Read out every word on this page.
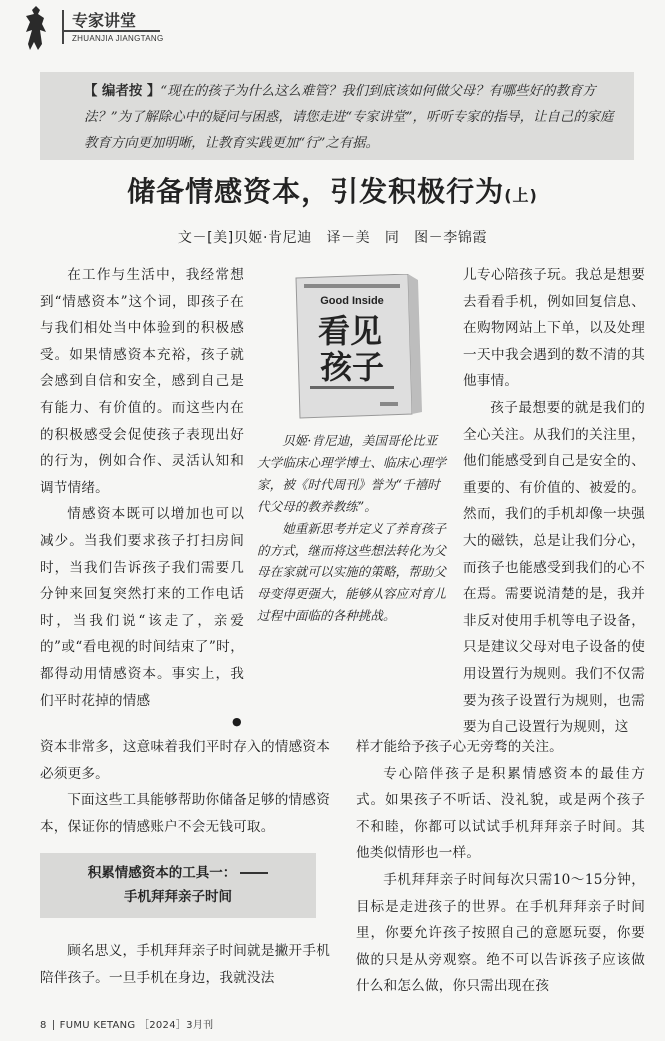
专家讲堂
ZHUANJIA JIANGTANG
【 编者按 】“现在的孩子为什么这么难管？我们到底该如何做父母？有哪些好的教育方法？”为了解除心中的疑问与困惑，请您走进“专家讲堂”，听听专家的指导，让自己的家庭教育方向更加明晰，让教育实践更加“行”之有据。
储备情感资本，引发积极行为(上)
文－[美]贝姬·肯尼迪　译－美　同　图－李锦霞
Good Inside
看见
孩子

贝姬·肯尼迪，美国哥伦比亚大学临床心理学博士、临床心理学家，被《时代周刊》誉为“千禧时代父母的教养教练”。

她重新思考并定义了养育孩子的方式，继而将这些想法转化为父母在家就可以实施的策略，帮助父母变得更强大，能够从容应对育儿过程中面临的各种挑战。

●

在工作与生活中，我经常想到“情感资本”这个词，即孩子在与我们相处当中体验到的积极感受。如果情感资本充裕，孩子就会感到自信和安全，感到自己是有能力、有价值的。而这些内在的积极感受会促使孩子表现出好的行为，例如合作、灵活认知和调节情绪。

情感资本既可以增加也可以减少。当我们要求孩子打扫房间时，当我们告诉孩子我们需要几分钟来回复突然打来的工作电话时，当我们说“该走了，亲爱的”或“看电视的时间结束了”时，都得动用情感资本。事实上，我们平时花掉的情感

资本非常多，这意味着我们平时存入的情感资本必须更多。

下面这些工具能够帮助你储备足够的情感资本，保证你的情感账户不会无钱可取。

积累情感资本的工具一：
手机拜拜亲子时间

顾名思义，手机拜拜亲子时间就是撇开手机陪伴孩子。一旦手机在身边，我就没法

儿专心陪孩子玩。我总是想要去看看手机，例如回复信息、在购物网站上下单，以及处理一天中我会遇到的数不清的其他事情。

孩子最想要的就是我们的全心关注。从我们的关注里，他们能感受到自己是安全的、重要的、有价值的、被爱的。然而，我们的手机却像一块强大的磁铁，总是让我们分心，而孩子也能感受到我们的心不在焉。需要说清楚的是，我并非反对使用手机等电子设备，只是建议父母对电子设备的使用设置行为规则。我们不仅需要为孩子设置行为规则，也需要为自己设置行为规则，这

样才能给予孩子心无旁骛的关注。

专心陪伴孩子是积累情感资本的最佳方式。如果孩子不听话、没礼貌，或是两个孩子不和睦，你都可以试试手机拜拜亲子时间。其他类似情形也一样。

手机拜拜亲子时间每次只需10～15分钟，目标是走进孩子的世界。在手机拜拜亲子时间里，你要允许孩子按照自己的意愿玩耍，你要做的只是从旁观察。绝不可以告诉孩子应该做什么和怎么做，你只需出现在孩

8 FUMU KETANG ［2024］3月刊
